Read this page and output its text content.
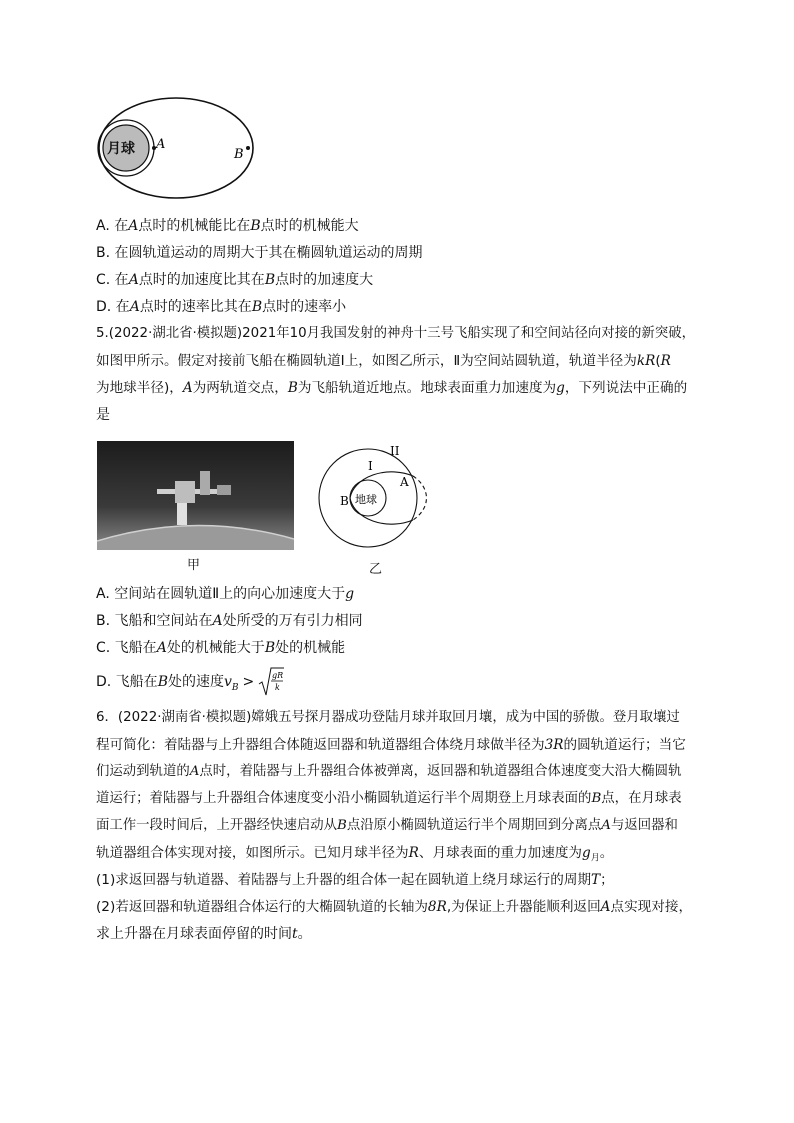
月球 A
B
A. 在A点时的机械能比在B点时的机械能大
B. 在圆轨道运动的周期大于其在椭圆轨道运动的周期
C. 在A点时的加速度比其在B点时的加速度大
D. 在A点时的速率比其在B点时的速率小
5.(2022·湖北省·模拟题)2021年10月我国发射的神舟十三号飞船实现了和空间站径向对接的新突破，
如图甲所示。假定对接前飞船在椭圆轨道Ⅰ上，如图乙所示，Ⅱ为空间站圆轨道，轨道半径为kR(R
为地球半径)，A为两轨道交点，B为飞船轨道近地点。地球表面重力加速度为g，下列说法中正确的
是
甲
地球
B
A
I
II
乙
A. 空间站在圆轨道Ⅱ上的向心加速度大于g
B. 飞船和空间站在A处所受的万有引力相同
C. 飞船在A处的机械能大于B处的机械能
D. 飞船在B处的速度$v_B$ > gR
k
6．(2022·湖南省·模拟题)嫦娥五号探月器成功登陆月球并取回月壤，成为中国的骄傲。登月取壤过
程可简化：着陆器与上升器组合体随返回器和轨道器组合体绕月球做半径为3R的圆轨道运行；当它
们运动到轨道的A点时，着陆器与上升器组合体被弹离，返回器和轨道器组合体速度变大沿大椭圆轨
道运行；着陆器与上升器组合体速度变小沿小椭圆轨道运行半个周期登上月球表面的B点，在月球表
面工作一段时间后，上开器经快速启动从B点沿原小椭圆轨道运行半个周期回到分离点A与返回器和
轨道器组合体实现对接，如图所示。已知月球半径为R、月球表面的重力加速度为$g_月$。
(1)求返回器与轨道器、着陆器与上升器的组合体一起在圆轨道上绕月球运行的周期T；
(2)若返回器和轨道器组合体运行的大椭圆轨道的长轴为8R,为保证上升器能顺利返回A点实现对接，
求上升器在月球表面停留的时间t。
